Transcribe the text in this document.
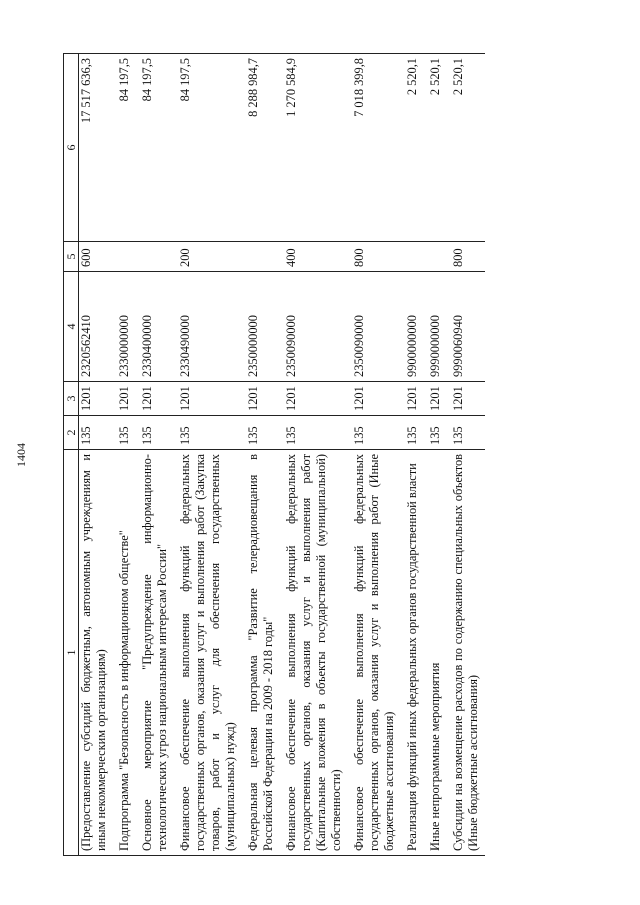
1404
1	2	3	4	5	6
(Предоставление субсидий бюджетным, автономным учреждениям и иным некоммерческим организациям)	135	1201	2320562410	600	17 517 636,3
Подпрограмма "Безопасность в информационном обществе"	135	1201	2330000000		84 197,5
Основное мероприятие "Предупреждение информационно-технологических угроз национальным интересам России"	135	1201	2330400000		84 197,5
Финансовое обеспечение выполнения функций федеральных государственных органов, оказания услуг и выполнения работ (Закупка товаров, работ и услуг для обеспечения государственных (муниципальных) нужд)	135	1201	2330490000	200	84 197,5
Федеральная целевая программа "Развитие телерадиовещания в Российской Федерации на 2009 - 2018 годы"	135	1201	2350000000		8 288 984,7
Финансовое обеспечение выполнения функций федеральных государственных органов, оказания услуг и выполнения работ (Капитальные вложения в объекты государственной (муниципальной) собственности)	135	1201	2350090000	400	1 270 584,9
Финансовое обеспечение выполнения функций федеральных государственных органов, оказания услуг и выполнения работ (Иные бюджетные ассигнования)	135	1201	2350090000	800	7 018 399,8
Реализация функций иных федеральных органов государственной власти	135	1201	9900000000		2 520,1
Иные непрограммные мероприятия	135	1201	9990000000		2 520,1
Субсидии на возмещение расходов по содержанию специальных объектов (Иные бюджетные ассигнования)	135	1201	9990060940	800	2 520,1
